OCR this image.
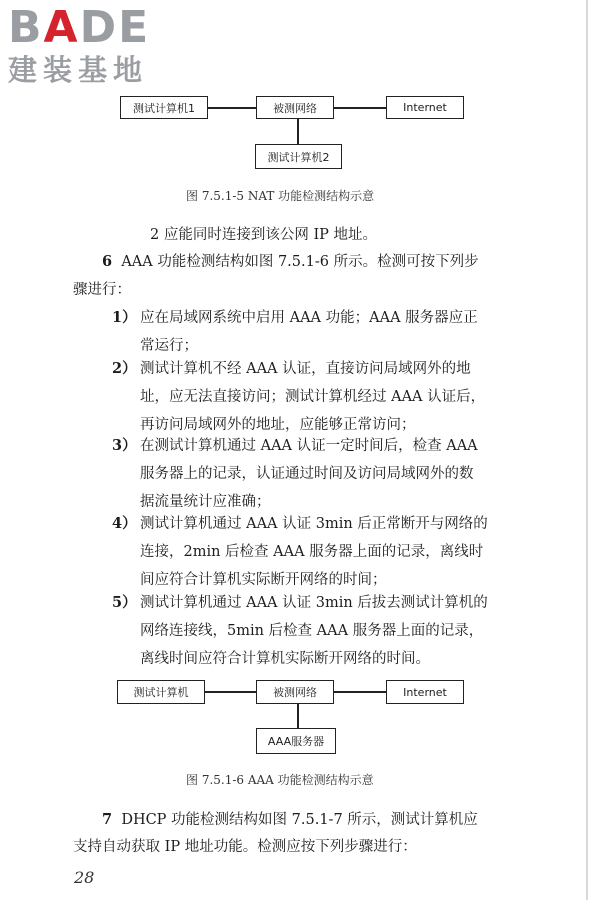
BADE
建装基地
测试计算机1	被测网络	Internet
测试计算机2
图 7.5.1-5 NAT 功能检测结构示意
2 应能同时连接到该公网 IP 地址。
6 AAA 功能检测结构如图 7.5.1-6 所示。检测可按下列步
骤进行：
1） 应在局域网系统中启用 AAA 功能；AAA 服务器应正
常运行；
2） 测试计算机不经 AAA 认证，直接访问局域网外的地
址，应无法直接访问；测试计算机经过 AAA 认证后，
再访问局域网外的地址，应能够正常访问；
3） 在测试计算机通过 AAA 认证一定时间后，检查 AAA
服务器上的记录，认证通过时间及访问局域网外的数
据流量统计应准确；
4） 测试计算机通过 AAA 认证 3min 后正常断开与网络的
连接，2min 后检查 AAA 服务器上面的记录，离线时
间应符合计算机实际断开网络的时间；
5） 测试计算机通过 AAA 认证 3min 后拔去测试计算机的
网络连接线，5min 后检查 AAA 服务器上面的记录，
离线时间应符合计算机实际断开网络的时间。
测试计算机	被测网络	Internet
AAA服务器
图 7.5.1-6 AAA 功能检测结构示意
7 DHCP 功能检测结构如图 7.5.1-7 所示，测试计算机应
支持自动获取 IP 地址功能。检测应按下列步骤进行：
28
